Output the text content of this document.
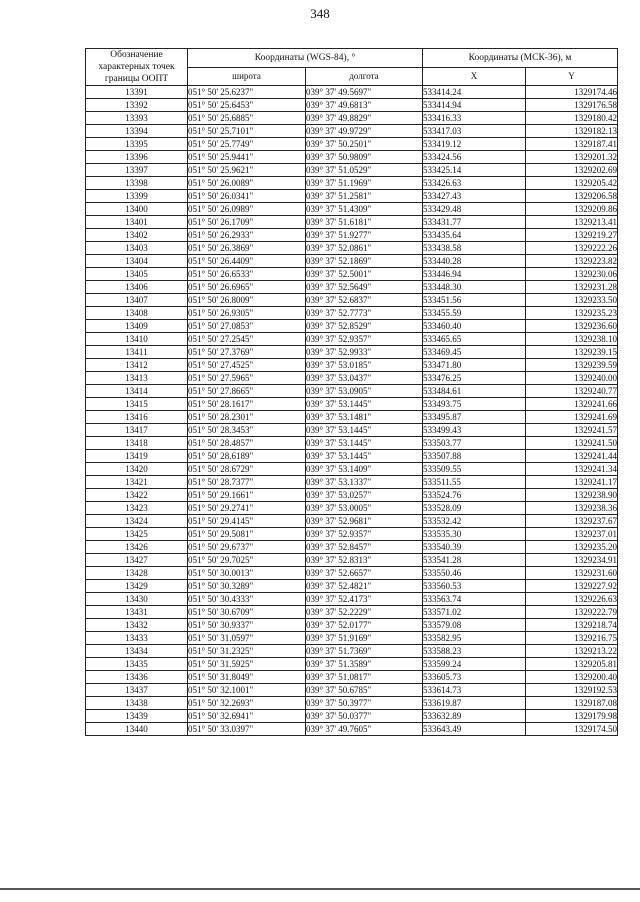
348
Обозначение характерных точек границы ООПТ	Координаты (WGS-84), °		Координаты (МСК-36), м	
	широта	долгота	X	Y
13391	051° 50' 25.6237"	039° 37' 49.5697"	533414.24	1329174.46
13392	051° 50' 25.6453"	039° 37' 49.6813"	533414.94	1329176.58
13393	051° 50' 25.6885"	039° 37' 49.8829"	533416.33	1329180.42
13394	051° 50' 25.7101"	039° 37' 49.9729"	533417.03	1329182.13
13395	051° 50' 25.7749"	039° 37' 50.2501"	533419.12	1329187.41
13396	051° 50' 25.9441"	039° 37' 50.9809"	533424.56	1329201.32
13397	051° 50' 25.9621"	039° 37' 51.0529"	533425.14	1329202.69
13398	051° 50' 26.0089"	039° 37' 51.1969"	533426.63	1329205.42
13399	051° 50' 26.0341"	039° 37' 51.2581"	533427.43	1329206.58
13400	051° 50' 26.0989"	039° 37' 51.4309"	533429.48	1329209.86
13401	051° 50' 26.1709"	039° 37' 51.6181"	533431.77	1329213.41
13402	051° 50' 26.2933"	039° 37' 51.9277"	533435.64	1329219.27
13403	051° 50' 26.3869"	039° 37' 52.0861"	533438.58	1329222.26
13404	051° 50' 26.4409"	039° 37' 52.1869"	533440.28	1329223.82
13405	051° 50' 26.6533"	039° 37' 52.5001"	533446.94	1329230.06
13406	051° 50' 26.6965"	039° 37' 52.5649"	533448.30	1329231.28
13407	051° 50' 26.8009"	039° 37' 52.6837"	533451.56	1329233.50
13408	051° 50' 26.9305"	039° 37' 52.7773"	533455.59	1329235.23
13409	051° 50' 27.0853"	039° 37' 52.8529"	533460.40	1329236.60
13410	051° 50' 27.2545"	039° 37' 52.9357"	533465.65	1329238.10
13411	051° 50' 27.3769"	039° 37' 52.9933"	533469.45	1329239.15
13412	051° 50' 27.4525"	039° 37' 53.0185"	533471.80	1329239.59
13413	051° 50' 27.5965"	039° 37' 53.0437"	533476.25	1329240.00
13414	051° 50' 27.8665"	039° 37' 53.0905"	533484.61	1329240.77
13415	051° 50' 28.1617"	039° 37' 53.1445"	533493.75	1329241.66
13416	051° 50' 28.2301"	039° 37' 53.1481"	533495.87	1329241.69
13417	051° 50' 28.3453"	039° 37' 53.1445"	533499.43	1329241.57
13418	051° 50' 28.4857"	039° 37' 53.1445"	533503.77	1329241.50
13419	051° 50' 28.6189"	039° 37' 53.1445"	533507.88	1329241.44
13420	051° 50' 28.6729"	039° 37' 53.1409"	533509.55	1329241.34
13421	051° 50' 28.7377"	039° 37' 53.1337"	533511.55	1329241.17
13422	051° 50' 29.1661"	039° 37' 53.0257"	533524.76	1329238.90
13423	051° 50' 29.2741"	039° 37' 53.0005"	533528.09	1329238.36
13424	051° 50' 29.4145"	039° 37' 52.9681"	533532.42	1329237.67
13425	051° 50' 29.5081"	039° 37' 52.9357"	533535.30	1329237.01
13426	051° 50' 29.6737"	039° 37' 52.8457"	533540.39	1329235.20
13427	051° 50' 29.7025"	039° 37' 52.8313"	533541.28	1329234.91
13428	051° 50' 30.0013"	039° 37' 52.6657"	533550.46	1329231.60
13429	051° 50' 30.3289"	039° 37' 52.4821"	533560.53	1329227.92
13430	051° 50' 30.4333"	039° 37' 52.4173"	533563.74	1329226.63
13431	051° 50' 30.6709"	039° 37' 52.2229"	533571.02	1329222.79
13432	051° 50' 30.9337"	039° 37' 52.0177"	533579.08	1329218.74
13433	051° 50' 31.0597"	039° 37' 51.9169"	533582.95	1329216.75
13434	051° 50' 31.2325"	039° 37' 51.7369"	533588.23	1329213.22
13435	051° 50' 31.5925"	039° 37' 51.3589"	533599.24	1329205.81
13436	051° 50' 31.8049"	039° 37' 51.0817"	533605.73	1329200.40
13437	051° 50' 32.1001"	039° 37' 50.6785"	533614.73	1329192.53
13438	051° 50' 32.2693"	039° 37' 50.3977"	533619.87	1329187.08
13439	051° 50' 32.6941"	039° 37' 50.0377"	533632.89	1329179.98
13440	051° 50' 33.0397"	039° 37' 49.7605"	533643.49	1329174.50
